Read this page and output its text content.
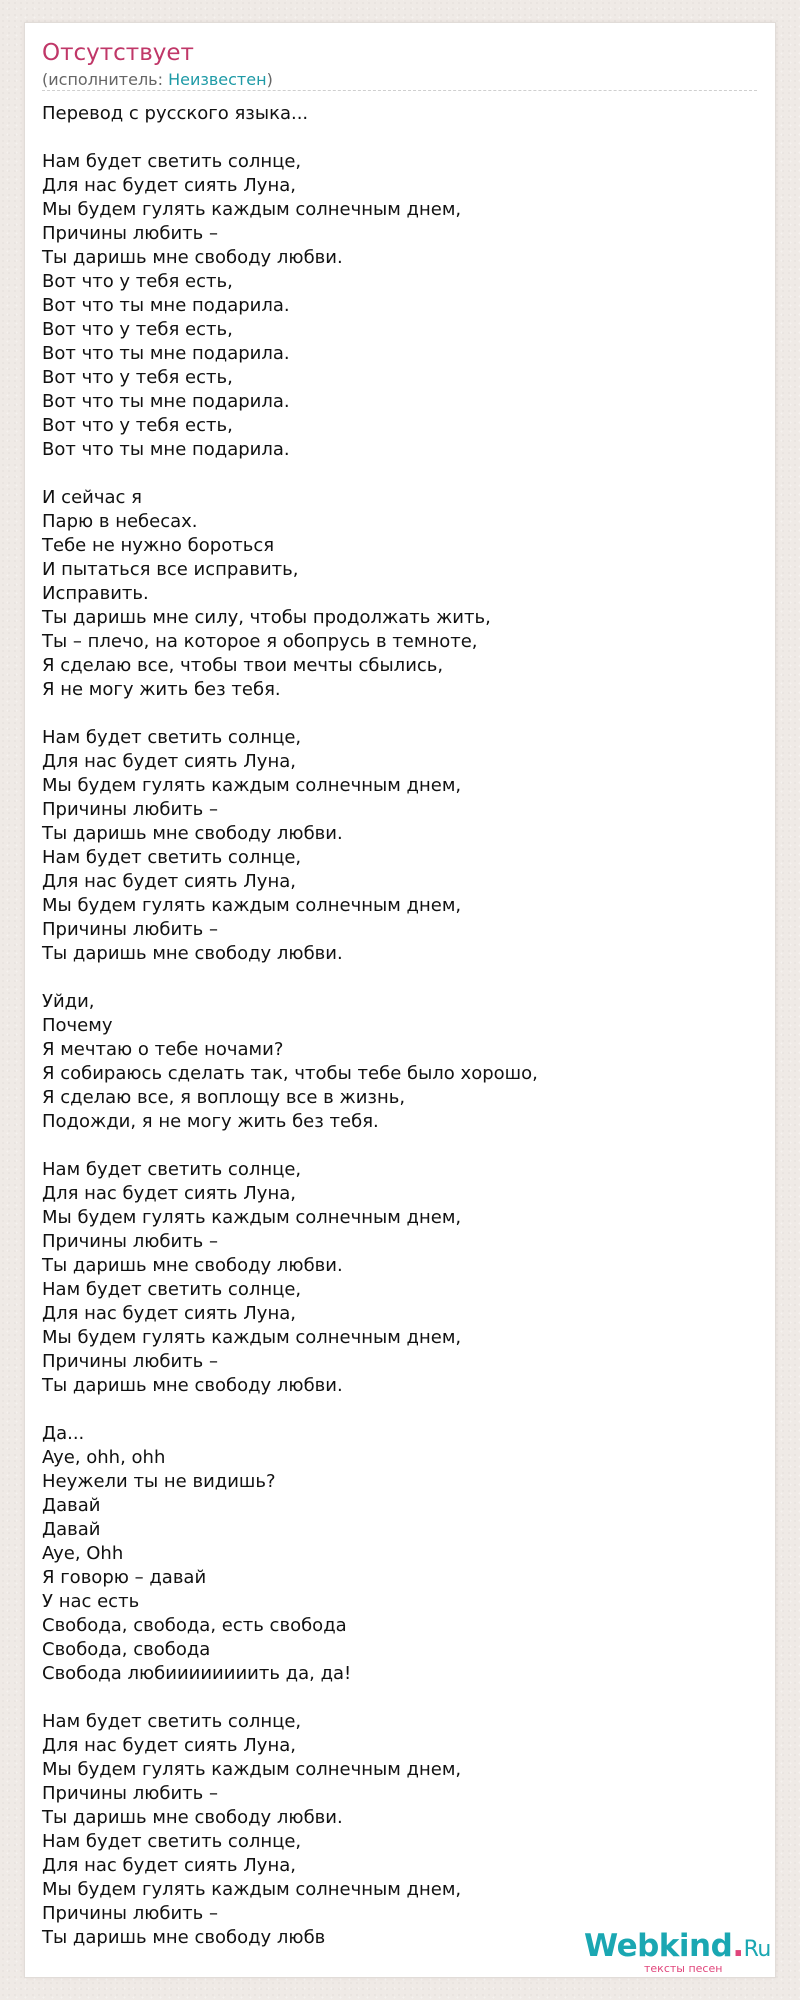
Отсутствует
(исполнитель: Неизвестен)
Перевод с русского языка...

Нам будет светить солнце,
Для нас будет сиять Луна,
Мы будем гулять каждым солнечным днем,
Причины любить –
Ты даришь мне свободу любви.
Вот что у тебя есть,
Вот что ты мне подарила.
Вот что у тебя есть,
Вот что ты мне подарила.
Вот что у тебя есть,
Вот что ты мне подарила.
Вот что у тебя есть,
Вот что ты мне подарила.

И сейчас я
Парю в небесах.
Тебе не нужно бороться
И пытаться все исправить,
Исправить.
Ты даришь мне силу, чтобы продолжать жить,
Ты – плечо, на которое я обопрусь в темноте,
Я сделаю все, чтобы твои мечты сбылись,
Я не могу жить без тебя.

Нам будет светить солнце,
Для нас будет сиять Луна,
Мы будем гулять каждым солнечным днем,
Причины любить –
Ты даришь мне свободу любви.
Нам будет светить солнце,
Для нас будет сиять Луна,
Мы будем гулять каждым солнечным днем,
Причины любить –
Ты даришь мне свободу любви.

Уйди,
Почему
Я мечтаю о тебе ночами?
Я собираюсь сделать так, чтобы тебе было хорошо,
Я сделаю все, я воплощу все в жизнь,
Подожди, я не могу жить без тебя.

Нам будет светить солнце,
Для нас будет сиять Луна,
Мы будем гулять каждым солнечным днем,
Причины любить –
Ты даришь мне свободу любви.
Нам будет светить солнце,
Для нас будет сиять Луна,
Мы будем гулять каждым солнечным днем,
Причины любить –
Ты даришь мне свободу любви.

Да...
Aye, ohh, ohh
Неужели ты не видишь?
Давай
Давай
Aye, Ohh
Я говорю – давай
У нас есть
Свобода, свобода, есть свобода
Свобода, свобода
Свобода любиииииииить да, да!

Нам будет светить солнце,
Для нас будет сиять Луна,
Мы будем гулять каждым солнечным днем,
Причины любить –
Ты даришь мне свободу любви.
Нам будет светить солнце,
Для нас будет сиять Луна,
Мы будем гулять каждым солнечным днем,
Причины любить –
Ты даришь мне свободу любв	Webkind.Ru
тексты песен
